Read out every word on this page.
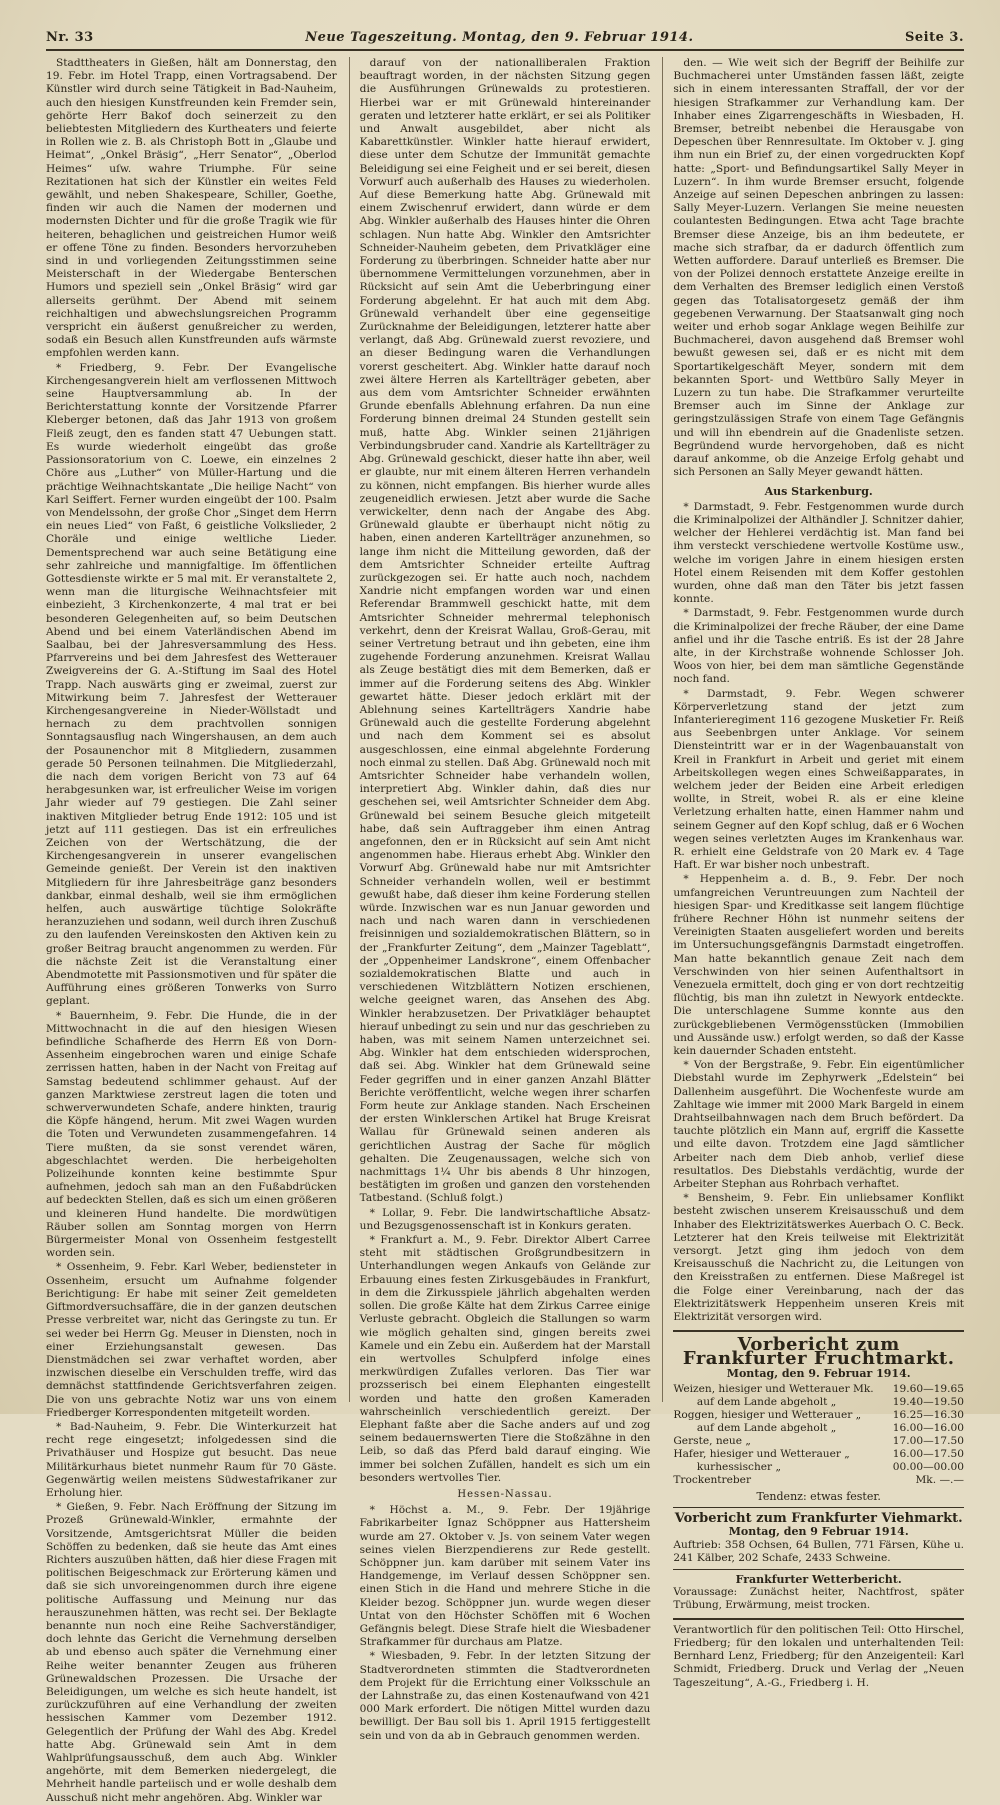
Nr. 33	Neue Tageszeitung. Montag, den 9. Februar 1914.	Seite 3.

Stadttheaters in Gießen, hält am Donnerstag, den 19. Febr. im Hotel Trapp, einen Vortragsabend. Der Künstler wird durch seine Tätigkeit in Bad-Nauheim, auch den hiesigen Kunstfreunden kein Fremder sein, gehörte Herr Bakof doch seinerzeit zu den beliebtesten Mitgliedern des Kurtheaters und feierte in Rollen wie z. B. als Christoph Bott in „Glaube und Heimat“, „Onkel Bräsig“, „Herr Senator“, „Oberlod Heimes“ uſw. wahre Triumphe. Für seine Rezitationen hat sich der Künstler ein weites Feld gewählt, und neben Shakespeare, Schiller, Goethe, finden wir auch die Namen der modernen und modernsten Dichter und für die große Tragik wie für heiteren, behaglichen und geistreichen Humor weiß er offene Töne zu finden. Besonders hervorzuheben sind in und vorliegenden Zeitungsstimmen seine Meisterschaft in der Wiedergabe Benterschen Humors und speziell sein „Onkel Bräsig“ wird gar allerseits gerühmt. Der Abend mit seinem reichhaltigen und abwechslungsreichen Programm verspricht ein äußerst genußreicher zu werden, sodaß ein Besuch allen Kunstfreunden aufs wärmste empfohlen werden kann.

* Friedberg, 9. Febr. Der Evangelische Kirchengesangverein hielt am verflossenen Mittwoch seine Hauptversammlung ab. In der Berichterstattung konnte der Vorsitzende Pfarrer Kleberger betonen, daß das Jahr 1913 von großem Fleiß zeugt, den es fanden statt 47 Uebungen statt. Es wurde wiederholt eingeübt das große Passionsoratorium von C. Loewe, ein einzelnes 2 Chöre aus „Luther“ von Müller-Hartung und die prächtige Weihnachtskantate „Die heilige Nacht“ von Karl Seiffert. Ferner wurden eingeübt der 100. Psalm von Mendelssohn, der große Chor „Singet dem Herrn ein neues Lied“ von Faßt, 6 geistliche Volkslieder, 2 Choräle und einige weltliche Lieder. Dementsprechend war auch seine Betätigung eine sehr zahlreiche und mannigfaltige. Im öffentlichen Gottesdienste wirkte er 5 mal mit. Er veranstaltete 2, wenn man die liturgische Weihnachtsfeier mit einbezieht, 3 Kirchenkonzerte, 4 mal trat er bei besonderen Gelegenheiten auf, so beim Deutschen Abend und bei einem Vaterländischen Abend im Saalbau, bei der Jahresversammlung des Hess. Pfarrvereins und bei dem Jahresfest des Wetterauer Zweigvereins der G. A.-Stiftung im Saal des Hotel Trapp. Nach auswärts ging er zweimal, zuerst zur Mitwirkung beim 7. Jahresfest der Wetterauer Kirchengesangvereine in Nieder-Wöllstadt und hernach zu dem prachtvollen sonnigen Sonntagsausflug nach Wingershausen, an dem auch der Posaunenchor mit 8 Mitgliedern, zusammen gerade 50 Personen teilnahmen. Die Mitgliederzahl, die nach dem vorigen Bericht von 73 auf 64 herabgesunken war, ist erfreulicher Weise im vorigen Jahr wieder auf 79 gestiegen. Die Zahl seiner inaktiven Mitglieder betrug Ende 1912: 105 und ist jetzt auf 111 gestiegen. Das ist ein erfreuliches Zeichen von der Wertschätzung, die der Kirchengesangverein in unserer evangelischen Gemeinde genießt. Der Verein ist den inaktiven Mitgliedern für ihre Jahresbeiträge ganz besonders dankbar, einmal deshalb, weil sie ihm ermöglichen helfen, auch auswärtige tüchtige Solokräfte heranzuziehen und sodann, weil durch ihren Zuschuß zu den laufenden Vereinskosten den Aktiven kein zu großer Beitrag braucht angenommen zu werden. Für die nächste Zeit ist die Veranstaltung einer Abendmotette mit Passionsmotiven und für später die Aufführung eines größeren Tonwerks von Surro geplant.

* Bauernheim, 9. Febr. Die Hunde, die in der Mittwochnacht in die auf den hiesigen Wiesen befindliche Schafherde des Herrn Eß von Dorn-Assenheim eingebrochen waren und einige Schafe zerrissen hatten, haben in der Nacht von Freitag auf Samstag bedeutend schlimmer gehaust. Auf der ganzen Marktwiese zerstreut lagen die toten und schwerverwundeten Schafe, andere hinkten, traurig die Köpfe hängend, herum. Mit zwei Wagen wurden die Toten und Verwundeten zusammengefahren. 14 Tiere mußten, da sie sonst verendet wären, abgeschlachtet werden. Die herbeigeholten Polizeihunde konnten keine bestimmte Spur aufnehmen, jedoch sah man an den Fußabdrücken auf bedeckten Stellen, daß es sich um einen größeren und kleineren Hund handelte. Die mordwütigen Räuber sollen am Sonntag morgen von Herrn Bürgermeister Monal von Ossenheim festgestellt worden sein.

* Ossenheim, 9. Febr. Karl Weber, bediensteter in Ossenheim, ersucht um Aufnahme folgender Berichtigung: Er habe mit seiner Zeit gemeldeten Giftmordversuchsaffäre, die in der ganzen deutschen Presse verbreitet war, nicht das Geringste zu tun. Er sei weder bei Herrn Gg. Meuser in Diensten, noch in einer Erziehungsanstalt gewesen. Das Dienstmädchen sei zwar verhaftet worden, aber inzwischen dieselbe ein Verschulden treffe, wird das demnächst stattfindende Gerichtsverfahren zeigen. Die von uns gebrachte Notiz war uns von einem Friedberger Korrespondenten mitgeteilt worden.

* Bad-Nauheim, 9. Febr. Die Winterkurzeit hat recht rege eingesetzt; infolgedessen sind die Privathäuser und Hospize gut besucht. Das neue Militärkurhaus bietet nunmehr Raum für 70 Gäste. Gegenwärtig weilen meistens Südwestafrikaner zur Erholung hier.

* Gießen, 9. Febr. Nach Eröffnung der Sitzung im Prozeß Grünewald-Winkler, ermahnte der Vorsitzende, Amtsgerichtsrat Müller die beiden Schöffen zu bedenken, daß sie heute das Amt eines Richters auszuüben hätten, daß hier diese Fragen mit politischen Beigeschmack zur Erörterung kämen und daß sie sich unvoreingenommen durch ihre eigene politische Auffassung und Meinung nur das herauszunehmen hätten, was recht sei. Der Beklagte benannte nun noch eine Reihe Sachverständiger, doch lehnte das Gericht die Vernehmung derselben ab und ebenso auch später die Vernehmung einer Reihe weiter benannter Zeugen aus früheren Grünewaldschen Prozessen. Die Ursache der Beleidigungen, um welche es sich heute handelt, ist zurückzuführen auf eine Verhandlung der zweiten hessischen Kammer vom Dezember 1912. Gelegentlich der Prüfung der Wahl des Abg. Kredel hatte Abg. Grünewald sein Amt in dem Wahlprüfungsausschuß, dem auch Abg. Winkler angehörte, mit dem Bemerken niedergelegt, die Mehrheit handle parteiisch und er wolle deshalb dem Ausschuß nicht mehr angehören. Abg. Winkler war

darauf von der nationalliberalen Fraktion beauftragt worden, in der nächsten Sitzung gegen die Ausführungen Grünewalds zu protestieren. Hierbei war er mit Grünewald hintereinander geraten und letzterer hatte erklärt, er sei als Politiker und Anwalt ausgebildet, aber nicht als Kabarettkünstler. Winkler hatte hierauf erwidert, diese unter dem Schutze der Immunität gemachte Beleidigung sei eine Feigheit und er sei bereit, diesen Vorwurf auch außerhalb des Hauses zu wiederholen. Auf diese Bemerkung hatte Abg. Grünewald mit einem Zwischenruf erwidert, dann würde er dem Abg. Winkler außerhalb des Hauses hinter die Ohren schlagen. Nun hatte Abg. Winkler den Amtsrichter Schneider-Nauheim gebeten, dem Privatkläger eine Forderung zu überbringen. Schneider hatte aber nur übernommene Vermittelungen vorzunehmen, aber in Rücksicht auf sein Amt die Ueberbringung einer Forderung abgelehnt. Er hat auch mit dem Abg. Grünewald verhandelt über eine gegenseitige Zurücknahme der Beleidigungen, letzterer hatte aber verlangt, daß Abg. Grünewald zuerst revoziere, und an dieser Bedingung waren die Verhandlungen vorerst gescheitert. Abg. Winkler hatte darauf noch zwei ältere Herren als Kartellträger gebeten, aber aus dem vom Amtsrichter Schneider erwähnten Grunde ebenfalls Ablehnung erfahren. Da nun eine Forderung binnen dreimal 24 Stunden gestellt sein muß, hatte Abg. Winkler seinen 21jährigen Verbindungsbruder cand. Xandrie als Kartellträger zu Abg. Grünewald geschickt, dieser hatte ihn aber, weil er glaubte, nur mit einem älteren Herren verhandeln zu können, nicht empfangen. Bis hierher wurde alles zeugeneidlich erwiesen. Jetzt aber wurde die Sache verwickelter, denn nach der Angabe des Abg. Grünewald glaubte er überhaupt nicht nötig zu haben, einen anderen Kartellträger anzunehmen, so lange ihm nicht die Mitteilung geworden, daß der dem Amtsrichter Schneider erteilte Auftrag zurückgezogen sei. Er hatte auch noch, nachdem Xandrie nicht empfangen worden war und einen Referendar Brammwell geschickt hatte, mit dem Amtsrichter Schneider mehrermal telephonisch verkehrt, denn der Kreisrat Wallau, Groß-Gerau, mit seiner Vertretung betraut und ihn gebeten, eine ihm zugehende Forderung anzunehmen. Kreisrat Wallau als Zeuge bestätigt dies mit dem Bemerken, daß er immer auf die Forderung seitens des Abg. Winkler gewartet hätte. Dieser jedoch erklärt mit der Ablehnung seines Kartellträgers Xandrie habe Grünewald auch die gestellte Forderung abgelehnt und nach dem Komment sei es absolut ausgeschlossen, eine einmal abgelehnte Forderung noch einmal zu stellen. Daß Abg. Grünewald noch mit Amtsrichter Schneider habe verhandeln wollen, interpretiert Abg. Winkler dahin, daß dies nur geschehen sei, weil Amtsrichter Schneider dem Abg. Grünewald bei seinem Besuche gleich mitgeteilt habe, daß sein Auftraggeber ihm einen Antrag angefonnen, den er in Rücksicht auf sein Amt nicht angenommen habe. Hieraus erhebt Abg. Winkler den Vorwurf Abg. Grünewald habe nur mit Amtsrichter Schneider verhandeln wollen, weil er bestimmt gewußt habe, daß dieser ihm keine Forderung stellen würde. Inzwischen war es nun Januar geworden und nach und nach waren dann in verschiedenen freisinnigen und sozialdemokratischen Blättern, so in der „Frankfurter Zeitung“, dem „Mainzer Tageblatt“, der „Oppenheimer Landskrone“, einem Offenbacher sozialdemokratischen Blatte und auch in verschiedenen Witzblättern Notizen erschienen, welche geeignet waren, das Ansehen des Abg. Winkler herabzusetzen. Der Privatkläger behauptet hierauf unbedingt zu sein und nur das geschrieben zu haben, was mit seinem Namen unterzeichnet sei. Abg. Winkler hat dem entschieden widersprochen, daß sei. Abg. Winkler hat dem Grünewald seine Feder gegriffen und in einer ganzen Anzahl Blätter Berichte veröffentlicht, welche wegen ihrer scharfen Form heute zur Anklage standen. Nach Erscheinen der ersten Winklerschen Artikel hat Bruge Kreisrat Wallau für Grünewald seinen anderen als gerichtlichen Austrag der Sache für möglich gehalten. Die Zeugenaussagen, welche sich von nachmittags 1¼ Uhr bis abends 8 Uhr hinzogen, bestätigten im großen und ganzen den vorstehenden Tatbestand. (Schluß folgt.)

* Lollar, 9. Febr. Die landwirtschaftliche Absatz- und Bezugsgenossenschaft ist in Konkurs geraten.

* Frankfurt a. M., 9. Febr. Direktor Albert Carree steht mit städtischen Großgrundbesitzern in Unterhandlungen wegen Ankaufs von Gelände zur Erbauung eines festen Zirkusgebäudes in Frankfurt, in dem die Zirkusspiele jährlich abgehalten werden sollen. Die große Kälte hat dem Zirkus Carree einige Verluste gebracht. Obgleich die Stallungen so warm wie möglich gehalten sind, gingen bereits zwei Kamele und ein Zebu ein. Außerdem hat der Marstall ein wertvolles Schulpferd infolge eines merkwürdigen Zufalles verloren. Das Tier war prozsserisch bei einem Elephanten eingestellt worden und hatte den großen Kameraden wahrscheinlich verschiedentlich gereizt. Der Elephant faßte aber die Sache anders auf und zog seinem bedauernswerten Tiere die Stoßzähne in den Leib, so daß das Pferd bald darauf einging. Wie immer bei solchen Zufällen, handelt es sich um ein besonders wertvolles Tier.

Hessen-Nassau.

* Höchst a. M., 9. Febr. Der 19jährige Fabrikarbeiter Ignaz Schöppner aus Hattersheim wurde am 27. Oktober v. Js. von seinem Vater wegen seines vielen Bierzpendierens zur Rede gestellt. Schöppner jun. kam darüber mit seinem Vater ins Handgemenge, im Verlauf dessen Schöppner sen. einen Stich in die Hand und mehrere Stiche in die Kleider bezog. Schöppner jun. wurde wegen dieser Untat von den Höchster Schöffen mit 6 Wochen Gefängnis belegt. Diese Strafe hielt die Wiesbadener Strafkammer für durchaus am Platze.

* Wiesbaden, 9. Febr. In der letzten Sitzung der Stadtverordneten stimmten die Stadtverordneten dem Projekt für die Errichtung einer Volksschule an der Lahnstraße zu, das einen Kostenaufwand von 421 000 Mark erfordert. Die nötigen Mittel wurden dazu bewilligt. Der Bau soll bis 1. April 1915 fertiggestellt sein und von da ab in Gebrauch genommen werden.

den. — Wie weit sich der Begriff der Beihilfe zur Buchmacherei unter Umständen fassen läßt, zeigte sich in einem interessanten Straffall, der vor der hiesigen Strafkammer zur Verhandlung kam. Der Inhaber eines Zigarrengeschäfts in Wiesbaden, H. Bremser, betreibt nebenbei die Herausgabe von Depeschen über Rennresultate. Im Oktober v. J. ging ihm nun ein Brief zu, der einen vorgedruckten Kopf hatte: „Sport- und Befindungsartikel Sally Meyer in Luzern“. In ihm wurde Bremser ersucht, folgende Anzeige auf seinen Depeschen anbringen zu lassen: Sally Meyer-Luzern. Verlangen Sie meine neuesten coulantesten Bedingungen. Etwa acht Tage brachte Bremser diese Anzeige, bis an ihm bedeutete, er mache sich strafbar, da er dadurch öffentlich zum Wetten auffordere. Darauf unterließ es Bremser. Die von der Polizei dennoch erstattete Anzeige ereilte in dem Verhalten des Bremser lediglich einen Verstoß gegen das Totalisatorgesetz gemäß der ihm gegebenen Verwarnung. Der Staatsanwalt ging noch weiter und erhob sogar Anklage wegen Beihilfe zur Buchmacherei, davon ausgehend daß Bremser wohl bewußt gewesen sei, daß er es nicht mit dem Sportartikelgeschäft Meyer, sondern mit dem bekannten Sport- und Wettbüro Sally Meyer in Luzern zu tun habe. Die Strafkammer verurteilte Bremser auch im Sinne der Anklage zur geringstzulässigen Strafe von einem Tage Gefängnis und will ihn ebendrein auf die Gnadenliste setzen. Begründend wurde hervorgehoben, daß es nicht darauf ankomme, ob die Anzeige Erfolg gehabt und sich Personen an Sally Meyer gewandt hätten.

Aus Starkenburg.

* Darmstadt, 9. Febr. Festgenommen wurde durch die Kriminalpolizei der Althändler J. Schnitzer dahier, welcher der Hehlerei verdächtig ist. Man fand bei ihm versteckt verschiedene wertvolle Kostüme usw., welche im vorigen Jahre in einem hiesigen ersten Hotel einem Reisenden mit dem Koffer gestohlen wurden, ohne daß man den Täter bis jetzt fassen konnte.

* Darmstadt, 9. Febr. Festgenommen wurde durch die Kriminalpolizei der freche Räuber, der eine Dame anfiel und ihr die Tasche entriß. Es ist der 28 Jahre alte, in der Kirchstraße wohnende Schlosser Joh. Woos von hier, bei dem man sämtliche Gegenstände noch fand.

* Darmstadt, 9. Febr. Wegen schwerer Körperverletzung stand der jetzt zum Infanterieregiment 116 gezogene Musketier Fr. Reiß aus Seebenbrgen unter Anklage. Vor seinem Diensteintritt war er in der Wagenbauanstalt von Kreil in Frankfurt in Arbeit und geriet mit einem Arbeitskollegen wegen eines Schweißapparates, in welchem jeder der Beiden eine Arbeit erledigen wollte, in Streit, wobei R. als er eine kleine Verletzung erhalten hatte, einen Hammer nahm und seinem Gegner auf den Kopf schlug, daß er 6 Wochen wegen seines verletzten Auges im Krankenhaus war. R. erhielt eine Geldstrafe von 20 Mark ev. 4 Tage Haft. Er war bisher noch unbestraft.

* Heppenheim a. d. B., 9. Febr. Der noch umfangreichen Veruntreuungen zum Nachteil der hiesigen Spar- und Kreditkasse seit langem flüchtige frühere Rechner Höhn ist nunmehr seitens der Vereinigten Staaten ausgeliefert worden und bereits im Untersuchungsgefängnis Darmstadt eingetroffen. Man hatte bekanntlich genaue Zeit nach dem Verschwinden von hier seinen Aufenthaltsort in Venezuela ermittelt, doch ging er von dort rechtzeitig flüchtig, bis man ihn zuletzt in Newyork entdeckte. Die unterschlagene Summe konnte aus den zurückgebliebenen Vermögensstücken (Immobilien und Aussände usw.) erfolgt werden, so daß der Kasse kein dauernder Schaden entsteht.

* Von der Bergstraße, 9. Febr. Ein eigentümlicher Diebstahl wurde im Zephyrwerk „Edelstein“ bei Dallenheim ausgeführt. Die Wochenfeste wurde am Zahltage wie immer mit 2000 Mark Bargeld in einem Drahtseilbahnwagen nach dem Bruch befördert. Da tauchte plötzlich ein Mann auf, ergriff die Kassette und eilte davon. Trotzdem eine Jagd sämtlicher Arbeiter nach dem Dieb anhob, verlief diese resultatlos. Des Diebstahls verdächtig, wurde der Arbeiter Stephan aus Rohrbach verhaftet.

* Bensheim, 9. Febr. Ein unliebsamer Konflikt besteht zwischen unserem Kreisausschuß und dem Inhaber des Elektrizitätswerkes Auerbach O. C. Beck. Letzterer hat den Kreis teilweise mit Elektrizität versorgt. Jetzt ging ihm jedoch von dem Kreisausschuß die Nachricht zu, die Leitungen von den Kreisstraßen zu entfernen. Diese Maßregel ist die Folge einer Vereinbarung, nach der das Elektrizitätswerk Heppenheim unseren Kreis mit Elektrizität versorgen wird.

Vorbericht zum Frankfurter Fruchtmarkt.
Montag, den 9. Februar 1914.
Weizen, hiesiger und Wetterauer Mk.	19.60—19.65
auf dem Lande abgeholt „	19.40—19.50
Roggen, hiesiger und Wetterauer „	16.25—16.30
auf dem Lande abgeholt „	16.00—16.00
Gerste, neue „	17.00—17.50
Hafer, hiesiger und Wetterauer „	16.00—17.50
kurhessischer „	00.00—00.00
Trockentreber	Mk. —.—
Tendenz: etwas fester.
Vorbericht zum Frankfurter Viehmarkt.
Montag, den 9 Februar 1914.
Auftrieb: 358 Ochsen, 64 Bullen, 771 Färsen, Kühe u. 241 Kälber, 202 Schafe, 2433 Schweine.
Frankfurter Wetterbericht.
Voraussage: Zunächst heiter, Nachtfrost, später Trübung, Erwärmung, meist trocken.
Verantwortlich für den politischen Teil: Otto Hirschel, Friedberg; für den lokalen und unterhaltenden Teil: Bernhard Lenz, Friedberg; für den Anzeigenteil: Karl Schmidt, Friedberg. Druck und Verlag der „Neuen Tageszeitung“, A.-G., Friedberg i. H.
